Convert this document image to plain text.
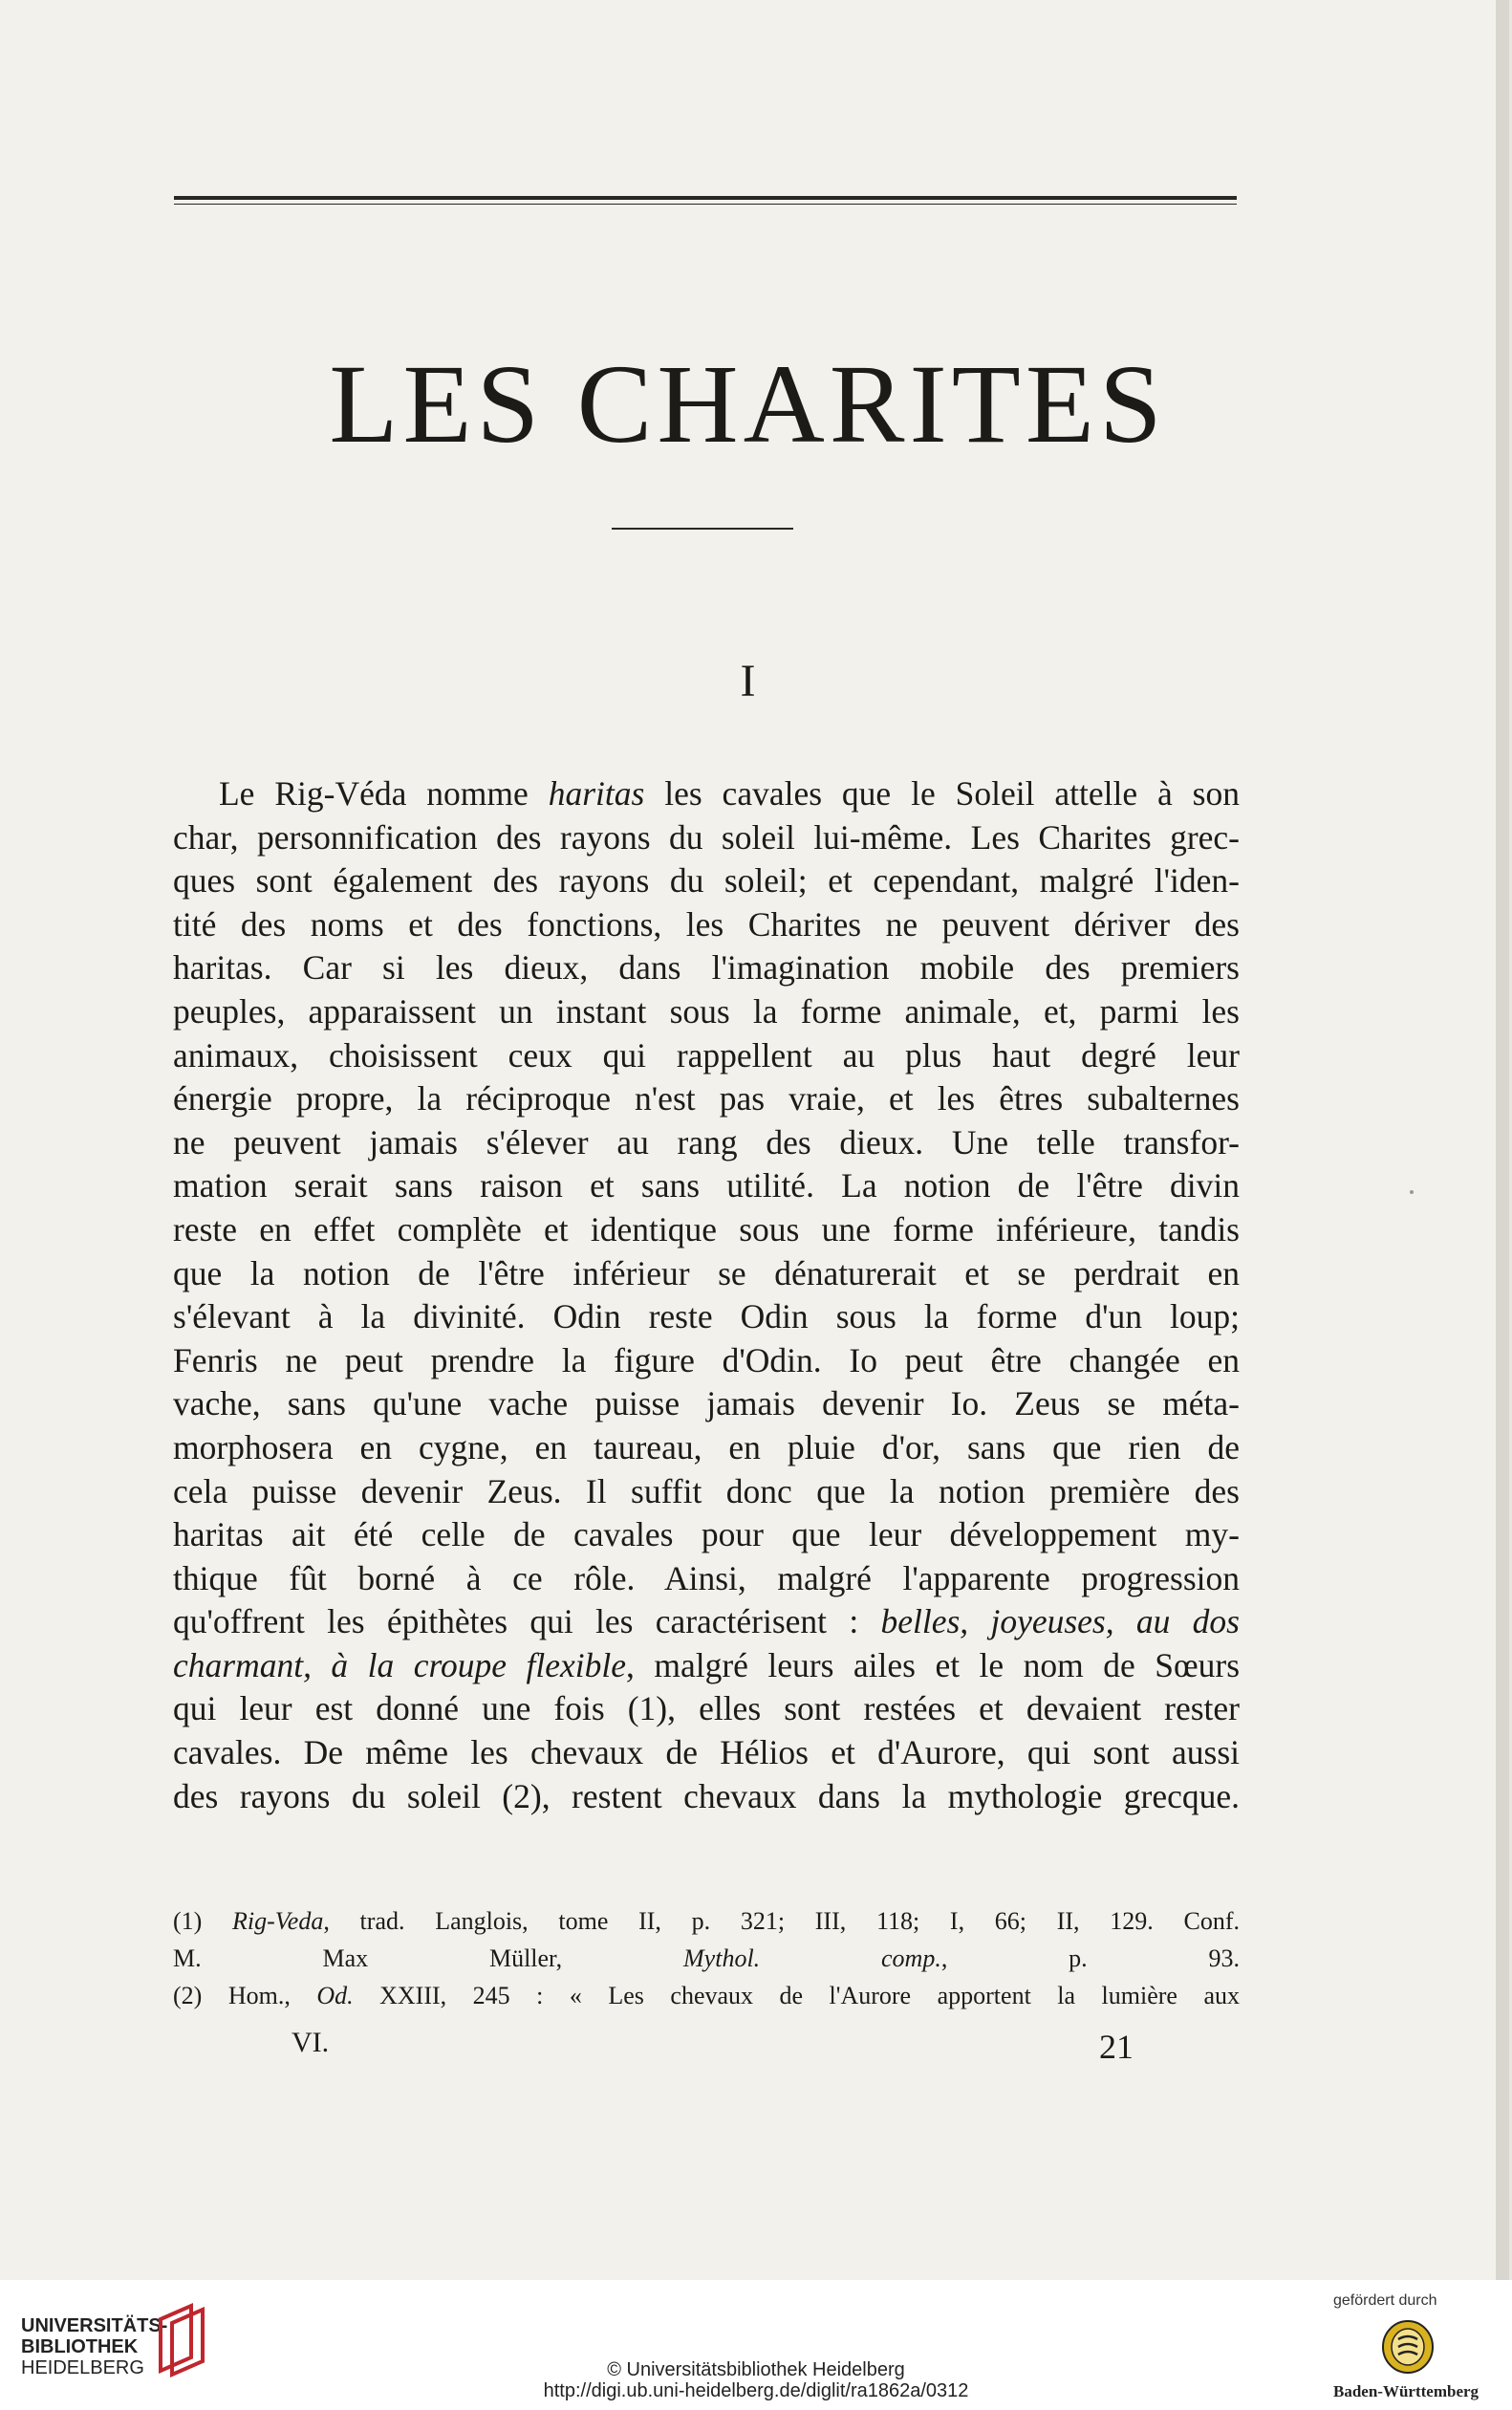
LES CHARITES
I
Le Rig-Véda nomme haritas les cavales que le Soleil attelle à son
char, personnification des rayons du soleil lui-même. Les Charites grec-
ques sont également des rayons du soleil; et cependant, malgré l'iden-
tité des noms et des fonctions, les Charites ne peuvent dériver des
haritas. Car si les dieux, dans l'imagination mobile des premiers
peuples, apparaissent un instant sous la forme animale, et, parmi les
animaux, choisissent ceux qui rappellent au plus haut degré leur
énergie propre, la réciproque n'est pas vraie, et les êtres subalternes
ne peuvent jamais s'élever au rang des dieux. Une telle transfor-
mation serait sans raison et sans utilité. La notion de l'être divin
reste en effet complète et identique sous une forme inférieure, tandis
que la notion de l'être inférieur se dénaturerait et se perdrait en
s'élevant à la divinité. Odin reste Odin sous la forme d'un loup;
Fenris ne peut prendre la figure d'Odin. Io peut être changée en
vache, sans qu'une vache puisse jamais devenir Io. Zeus se méta-
morphosera en cygne, en taureau, en pluie d'or, sans que rien de
cela puisse devenir Zeus. Il suffit donc que la notion première des
haritas ait été celle de cavales pour que leur développement my-
thique fût borné à ce rôle. Ainsi, malgré l'apparente progression
qu'offrent les épithètes qui les caractérisent : belles, joyeuses, au dos
charmant, à la croupe flexible, malgré leurs ailes et le nom de Sœurs
qui leur est donné une fois (1), elles sont restées et devaient rester
cavales. De même les chevaux de Hélios et d'Aurore, qui sont aussi
des rayons du soleil (2), restent chevaux dans la mythologie grecque.
(1) Rig-Veda, trad. Langlois, tome II, p. 321; III, 118; I, 66; II, 129. Conf.
M. Max Müller, Mythol. comp., p. 93.
(2) Hom., Od. XXIII, 245 : « Les chevaux de l'Aurore apportent la lumière aux
VI.	21
UNIVERSITÄTS-
BIBLIOTHEK
HEIDELBERG	© Universitätsbibliothek Heidelberg
http://digi.ub.uni-heidelberg.de/diglit/ra1862a/0312
gefördert durch
Baden-Württemberg
